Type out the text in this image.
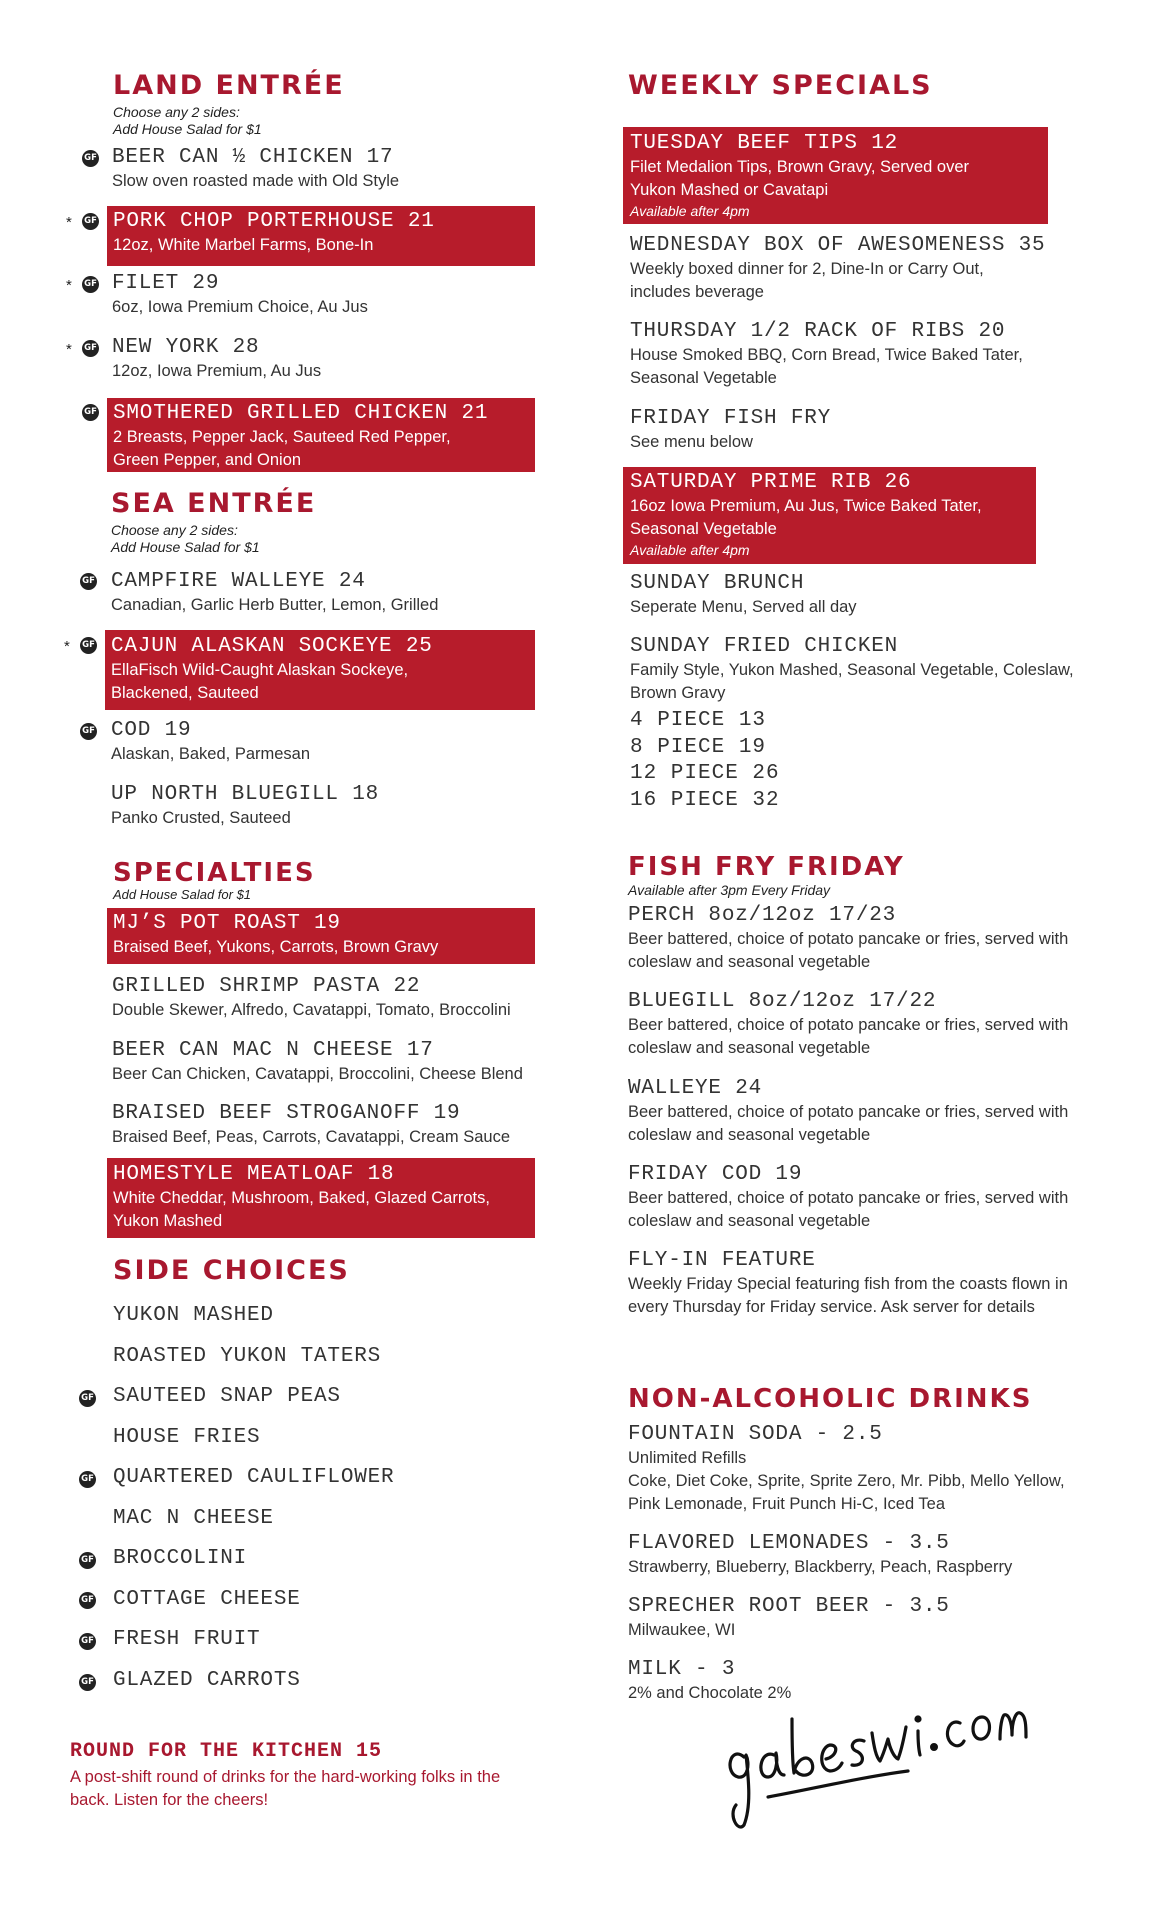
LAND ENTRÉE
Choose any 2 sides:
Add House Salad for $1
GF BEER CAN ½ CHICKEN 17
Slow oven roasted made with Old Style
* GF PORK CHOP PORTERHOUSE 21
12oz, White Marbel Farms, Bone-In
* GF FILET 29
6oz, Iowa Premium Choice, Au Jus
* GF NEW YORK 28
12oz, Iowa Premium, Au Jus
GF SMOTHERED GRILLED CHICKEN 21
2 Breasts, Pepper Jack, Sauteed Red Pepper, Green Pepper, and Onion
SEA ENTRÉE
Choose any 2 sides:
Add House Salad for $1
GF CAMPFIRE WALLEYE 24
Canadian, Garlic Herb Butter, Lemon, Grilled
* GF CAJUN ALASKAN SOCKEYE 25
EllaFisch Wild-Caught Alaskan Sockeye, Blackened, Sauteed
GF COD 19
Alaskan, Baked, Parmesan
UP NORTH BLUEGILL 18
Panko Crusted, Sauteed
SPECIALTIES
Add House Salad for $1
MJ’S POT ROAST 19
Braised Beef, Yukons, Carrots, Brown Gravy
GRILLED SHRIMP PASTA 22
Double Skewer, Alfredo, Cavatappi, Tomato, Broccolini
BEER CAN MAC N CHEESE 17
Beer Can Chicken, Cavatappi, Broccolini, Cheese Blend
BRAISED BEEF STROGANOFF 19
Braised Beef, Peas, Carrots, Cavatappi, Cream Sauce
HOMESTYLE MEATLOAF 18
White Cheddar, Mushroom, Baked, Glazed Carrots, Yukon Mashed
SIDE CHOICES
YUKON MASHED
ROASTED YUKON TATERS
GF SAUTEED SNAP PEAS
HOUSE FRIES
GF QUARTERED CAULIFLOWER
MAC N CHEESE
GF BROCCOLINI
GF COTTAGE CHEESE
GF FRESH FRUIT
GF GLAZED CARROTS
ROUND FOR THE KITCHEN 15
A post-shift round of drinks for the hard-working folks in the back. Listen for the cheers!
WEEKLY SPECIALS
TUESDAY BEEF TIPS 12
Filet Medalion Tips, Brown Gravy, Served over Yukon Mashed or Cavatapi
Available after 4pm
WEDNESDAY BOX OF AWESOMENESS 35
Weekly boxed dinner for 2, Dine-In or Carry Out, includes beverage
THURSDAY 1/2 RACK OF RIBS 20
House Smoked BBQ, Corn Bread, Twice Baked Tater, Seasonal Vegetable
FRIDAY FISH FRY
See menu below
SATURDAY PRIME RIB 26
16oz Iowa Premium, Au Jus, Twice Baked Tater, Seasonal Vegetable
Available after 4pm
SUNDAY BRUNCH
Seperate Menu, Served all day
SUNDAY FRIED CHICKEN
Family Style, Yukon Mashed, Seasonal Vegetable, Coleslaw, Brown Gravy
4 PIECE 13
8 PIECE 19
12 PIECE 26
16 PIECE 32
FISH FRY FRIDAY
Available after 3pm Every Friday
PERCH 8oz/12oz 17/23
Beer battered, choice of potato pancake or fries, served with coleslaw and seasonal vegetable
BLUEGILL 8oz/12oz 17/22
Beer battered, choice of potato pancake or fries, served with coleslaw and seasonal vegetable
WALLEYE 24
Beer battered, choice of potato pancake or fries, served with coleslaw and seasonal vegetable
FRIDAY COD 19
Beer battered, choice of potato pancake or fries, served with coleslaw and seasonal vegetable
FLY-IN FEATURE
Weekly Friday Special featuring fish from the coasts flown in every Thursday for Friday service. Ask server for details
NON-ALCOHOLIC DRINKS
FOUNTAIN SODA - 2.5
Unlimited Refills
Coke, Diet Coke, Sprite, Sprite Zero, Mr. Pibb, Mello Yellow, Pink Lemonade, Fruit Punch Hi-C, Iced Tea
FLAVORED LEMONADES - 3.5
Strawberry, Blueberry, Blackberry, Peach, Raspberry
SPRECHER ROOT BEER - 3.5
Milwaukee, WI
MILK - 3
2% and Chocolate 2%
